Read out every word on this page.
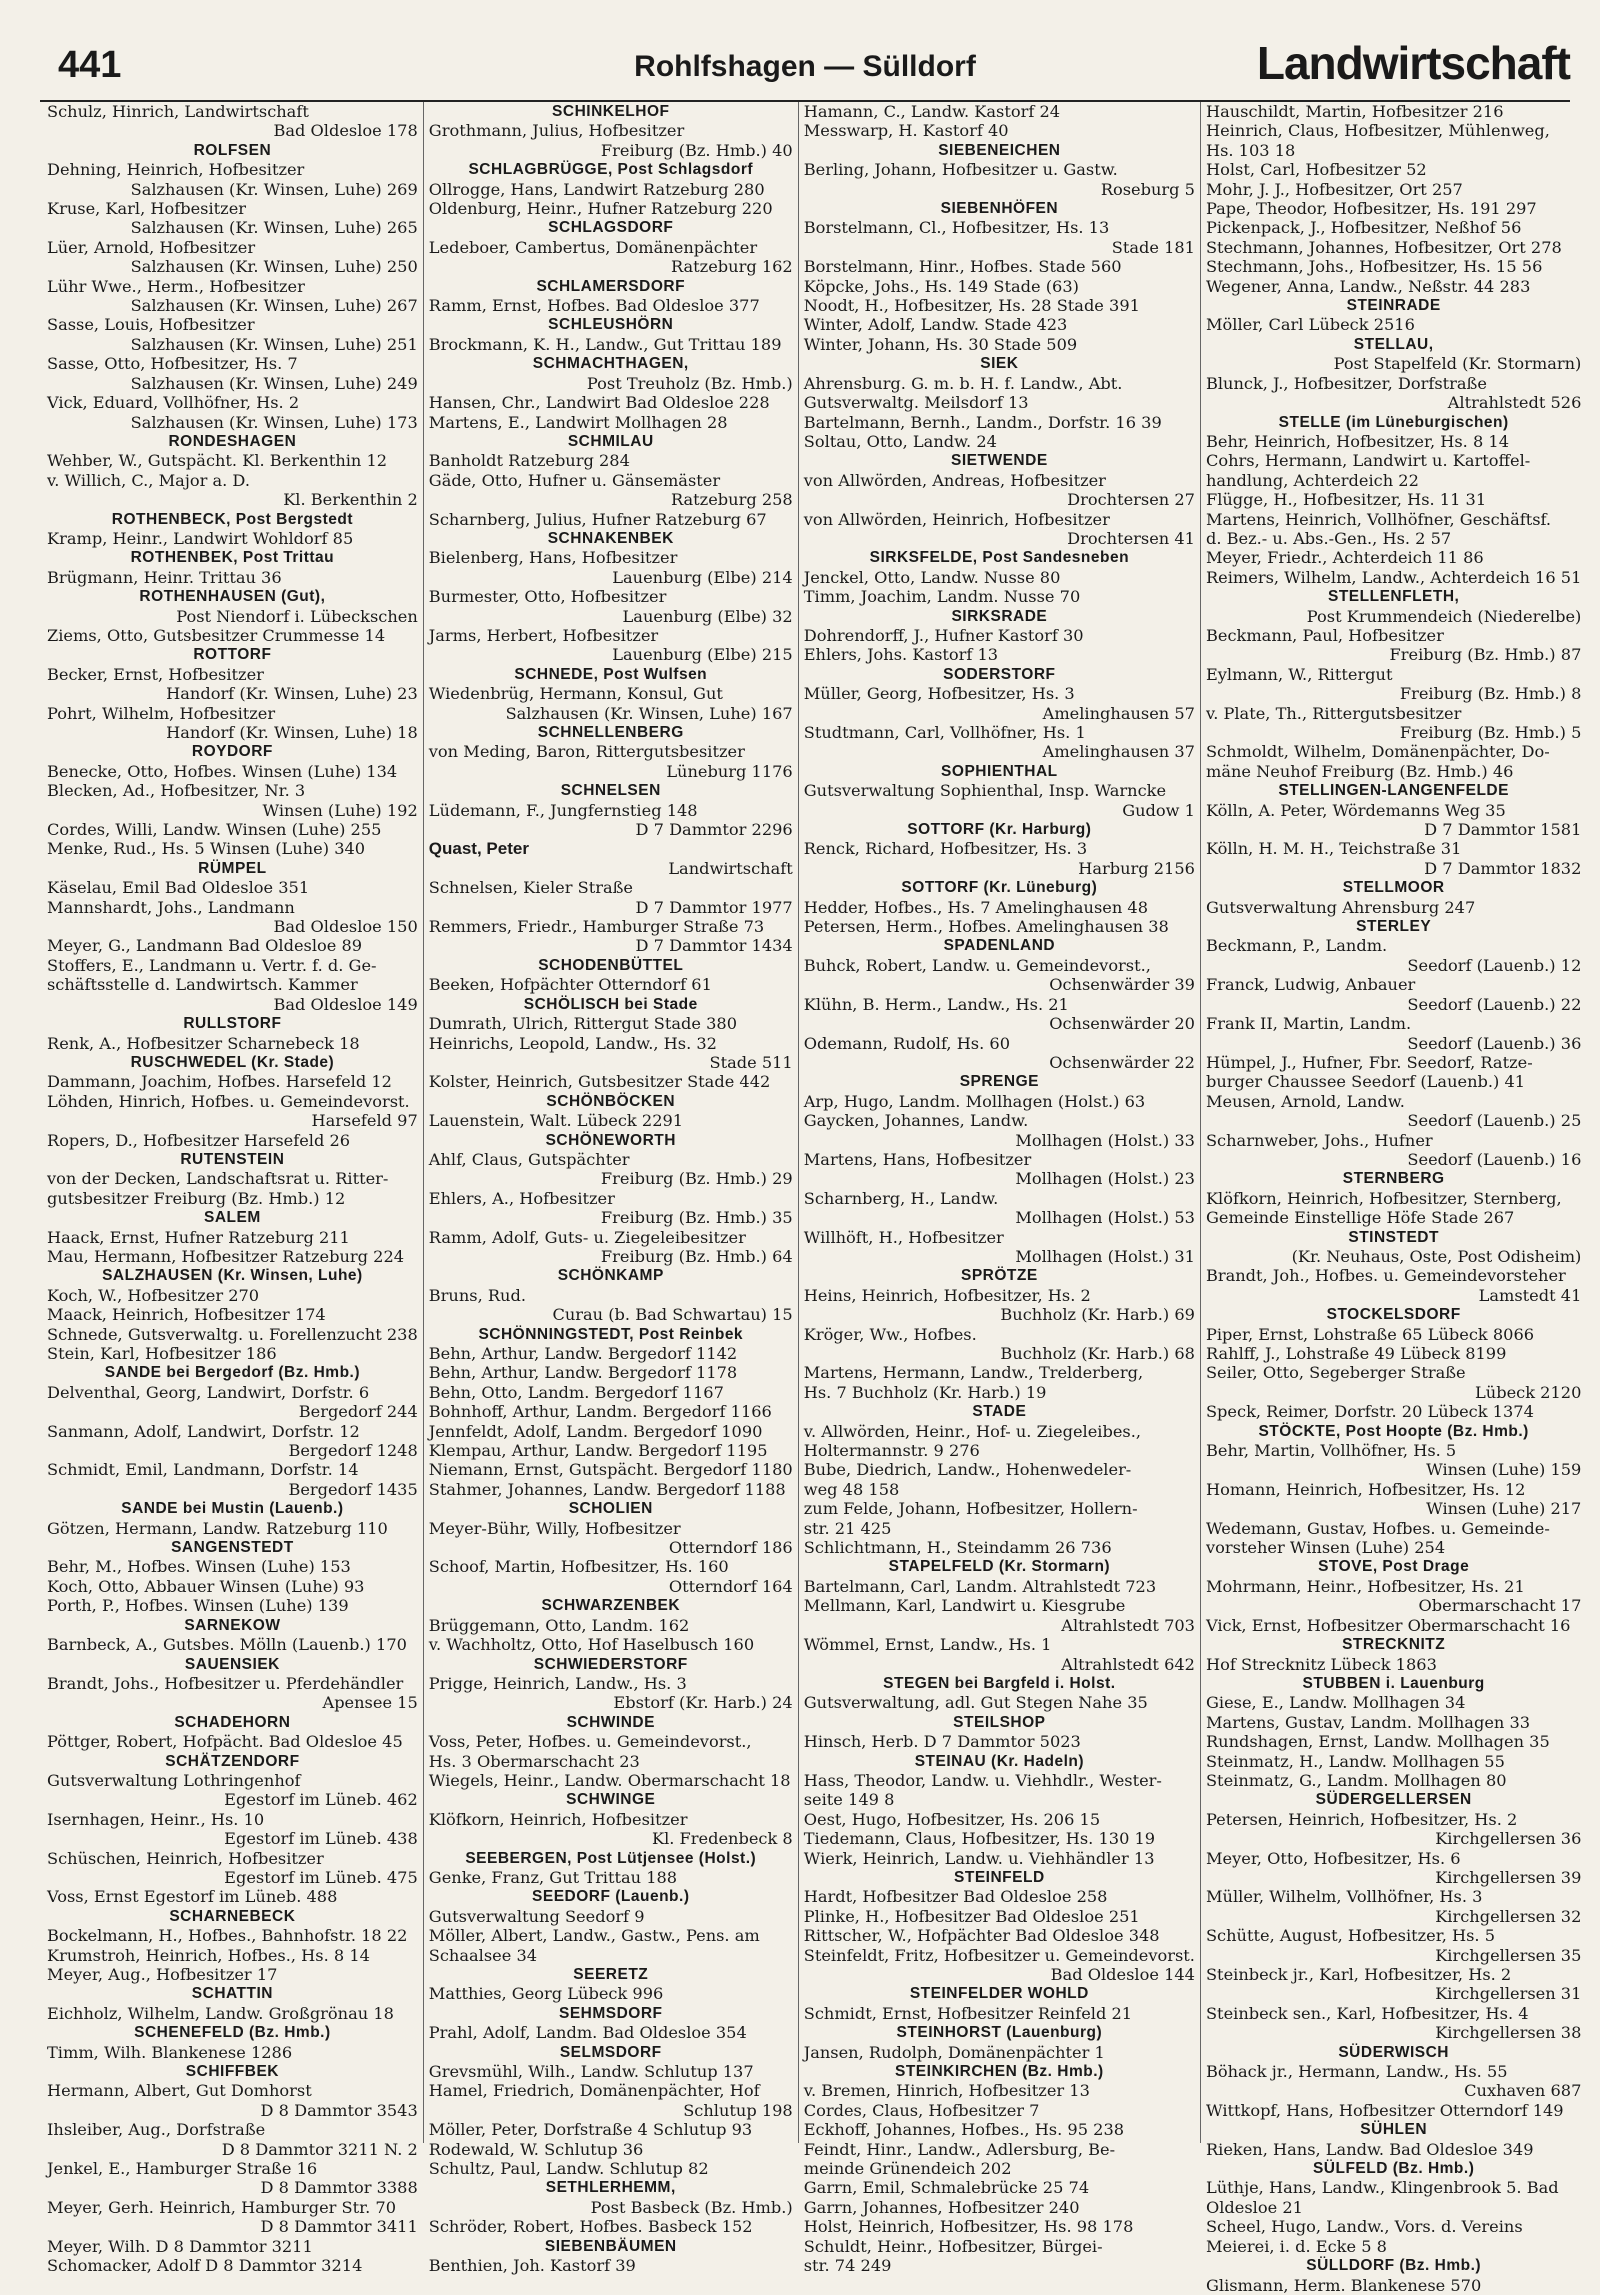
441	Rohlfshagen — Sülldorf	Landwirtschaft
Schulz, Hinrich, Landwirtschaft
Bad Oldesloe 178
ROLFSEN
Dehning, Heinrich, Hofbesitzer
Salzhausen (Kr. Winsen, Luhe) 269
Kruse, Karl, Hofbesitzer
Salzhausen (Kr. Winsen, Luhe) 265
Lüer, Arnold, Hofbesitzer
Salzhausen (Kr. Winsen, Luhe) 250
Lühr Wwe., Herm., Hofbesitzer
Salzhausen (Kr. Winsen, Luhe) 267
Sasse, Louis, Hofbesitzer
Salzhausen (Kr. Winsen, Luhe) 251
Sasse, Otto, Hofbesitzer, Hs. 7
Salzhausen (Kr. Winsen, Luhe) 249
Vick, Eduard, Vollhöfner, Hs. 2
Salzhausen (Kr. Winsen, Luhe) 173
RONDESHAGEN
Wehber, W., Gutspächt. Kl. Berkenthin 12
v. Willich, C., Major a. D.
Kl. Berkenthin 2
ROTHENBECK, Post Bergstedt
Kramp, Heinr., Landwirt Wohldorf 85
ROTHENBEK, Post Trittau
Brügmann, Heinr. Trittau 36
ROTHENHAUSEN (Gut),
Post Niendorf i. Lübeckschen
Ziems, Otto, Gutsbesitzer Crummesse 14
ROTTORF
Becker, Ernst, Hofbesitzer
Handorf (Kr. Winsen, Luhe) 23
Pohrt, Wilhelm, Hofbesitzer
Handorf (Kr. Winsen, Luhe) 18
ROYDORF
Benecke, Otto, Hofbes. Winsen (Luhe) 134
Blecken, Ad., Hofbesitzer, Nr. 3
Winsen (Luhe) 192
Cordes, Willi, Landw. Winsen (Luhe) 255
Menke, Rud., Hs. 5 Winsen (Luhe) 340
RÜMPEL
Käselau, Emil Bad Oldesloe 351
Mannshardt, Johs., Landmann
Bad Oldesloe 150
Meyer, G., Landmann Bad Oldesloe 89
Stoffers, E., Landmann u. Vertr. f. d. Ge-
schäftsstelle d. Landwirtsch. Kammer
Bad Oldesloe 149
RULLSTORF
Renk, A., Hofbesitzer Scharnebeck 18
RUSCHWEDEL (Kr. Stade)
Dammann, Joachim, Hofbes. Harsefeld 12
Löhden, Hinrich, Hofbes. u. Gemeindevorst.
Harsefeld 97
Ropers, D., Hofbesitzer Harsefeld 26
RUTENSTEIN
von der Decken, Landschaftsrat u. Ritter-
gutsbesitzer Freiburg (Bz. Hmb.) 12
SALEM
Haack, Ernst, Hufner Ratzeburg 211
Mau, Hermann, Hofbesitzer Ratzeburg 224
SALZHAUSEN (Kr. Winsen, Luhe)
Koch, W., Hofbesitzer 270
Maack, Heinrich, Hofbesitzer 174
Schnede, Gutsverwaltg. u. Forellenzucht 238
Stein, Karl, Hofbesitzer 186
SANDE bei Bergedorf (Bz. Hmb.)
Delventhal, Georg, Landwirt, Dorfstr. 6
Bergedorf 244
Sanmann, Adolf, Landwirt, Dorfstr. 12
Bergedorf 1248
Schmidt, Emil, Landmann, Dorfstr. 14
Bergedorf 1435
SANDE bei Mustin (Lauenb.)
Götzen, Hermann, Landw. Ratzeburg 110
SANGENSTEDT
Behr, M., Hofbes. Winsen (Luhe) 153
Koch, Otto, Abbauer Winsen (Luhe) 93
Porth, P., Hofbes. Winsen (Luhe) 139
SARNEKOW
Barnbeck, A., Gutsbes. Mölln (Lauenb.) 170
SAUENSIEK
Brandt, Johs., Hofbesitzer u. Pferdehändler
Apensee 15
SCHADEHORN
Pöttger, Robert, Hofpächt. Bad Oldesloe 45
SCHÄTZENDORF
Gutsverwaltung Lothringenhof
Egestorf im Lüneb. 462
Isernhagen, Heinr., Hs. 10
Egestorf im Lüneb. 438
Schüschen, Heinrich, Hofbesitzer
Egestorf im Lüneb. 475
Voss, Ernst Egestorf im Lüneb. 488
SCHARNEBECK
Bockelmann, H., Hofbes., Bahnhofstr. 18 22
Krumstroh, Heinrich, Hofbes., Hs. 8 14
Meyer, Aug., Hofbesitzer 17
SCHATTIN
Eichholz, Wilhelm, Landw. Großgrönau 18
SCHENEFELD (Bz. Hmb.)
Timm, Wilh. Blankenese 1286
SCHIFFBEK
Hermann, Albert, Gut Domhorst
D 8 Dammtor 3543
Ihsleiber, Aug., Dorfstraße
D 8 Dammtor 3211 N. 2
Jenkel, E., Hamburger Straße 16
D 8 Dammtor 3388
Meyer, Gerh. Heinrich, Hamburger Str. 70
D 8 Dammtor 3411
Meyer, Wilh. D 8 Dammtor 3211
Schomacker, Adolf D 8 Dammtor 3214
SCHINKELHOF
Grothmann, Julius, Hofbesitzer
Freiburg (Bz. Hmb.) 40
SCHLAGBRÜGGE, Post Schlagsdorf
Ollrogge, Hans, Landwirt Ratzeburg 280
Oldenburg, Heinr., Hufner Ratzeburg 220
SCHLAGSDORF
Ledeboer, Cambertus, Domänenpächter
Ratzeburg 162
SCHLAMERSDORF
Ramm, Ernst, Hofbes. Bad Oldesloe 377
SCHLEUSHÖRN
Brockmann, K. H., Landw., Gut Trittau 189
SCHMACHTHAGEN,
Post Treuholz (Bz. Hmb.)
Hansen, Chr., Landwirt Bad Oldesloe 228
Martens, E., Landwirt Mollhagen 28
SCHMILAU
Banholdt Ratzeburg 284
Gäde, Otto, Hufner u. Gänsemäster
Ratzeburg 258
Scharnberg, Julius, Hufner Ratzeburg 67
SCHNAKENBEK
Bielenberg, Hans, Hofbesitzer
Lauenburg (Elbe) 214
Burmester, Otto, Hofbesitzer
Lauenburg (Elbe) 32
Jarms, Herbert, Hofbesitzer
Lauenburg (Elbe) 215
SCHNEDE, Post Wulfsen
Wiedenbrüg, Hermann, Konsul, Gut
Salzhausen (Kr. Winsen, Luhe) 167
SCHNELLENBERG
von Meding, Baron, Rittergutsbesitzer
Lüneburg 1176
SCHNELSEN
Lüdemann, F., Jungfernstieg 148
D 7 Dammtor 2296
Quast, Peter
Landwirtschaft
Schnelsen, Kieler Straße
D 7 Dammtor 1977
Remmers, Friedr., Hamburger Straße 73
D 7 Dammtor 1434
SCHODENBÜTTEL
Beeken, Hofpächter Otterndorf 61
SCHÖLISCH bei Stade
Dumrath, Ulrich, Rittergut Stade 380
Heinrichs, Leopold, Landw., Hs. 32
Stade 511
Kolster, Heinrich, Gutsbesitzer Stade 442
SCHÖNBÖCKEN
Lauenstein, Walt. Lübeck 2291
SCHÖNEWORTH
Ahlf, Claus, Gutspächter
Freiburg (Bz. Hmb.) 29
Ehlers, A., Hofbesitzer
Freiburg (Bz. Hmb.) 35
Ramm, Adolf, Guts- u. Ziegeleibesitzer
Freiburg (Bz. Hmb.) 64
SCHÖNKAMP
Bruns, Rud.
Curau (b. Bad Schwartau) 15
SCHÖNNINGSTEDT, Post Reinbek
Behn, Arthur, Landw. Bergedorf 1142
Behn, Arthur, Landw. Bergedorf 1178
Behn, Otto, Landm. Bergedorf 1167
Bohnhoff, Arthur, Landm. Bergedorf 1166
Jennfeldt, Adolf, Landm. Bergedorf 1090
Klempau, Arthur, Landw. Bergedorf 1195
Niemann, Ernst, Gutspächt. Bergedorf 1180
Stahmer, Johannes, Landw. Bergedorf 1188
SCHOLIEN
Meyer-Bühr, Willy, Hofbesitzer
Otterndorf 186
Schoof, Martin, Hofbesitzer, Hs. 160
Otterndorf 164
SCHWARZENBEK
Brüggemann, Otto, Landm. 162
v. Wachholtz, Otto, Hof Haselbusch 160
SCHWIEDERSTORF
Prigge, Heinrich, Landw., Hs. 3
Ebstorf (Kr. Harb.) 24
SCHWINDE
Voss, Peter, Hofbes. u. Gemeindevorst.,
Hs. 3 Obermarschacht 23
Wiegels, Heinr., Landw. Obermarschacht 18
SCHWINGE
Klöfkorn, Heinrich, Hofbesitzer
Kl. Fredenbeck 8
SEEBERGEN, Post Lütjensee (Holst.)
Genke, Franz, Gut Trittau 188
SEEDORF (Lauenb.)
Gutsverwaltung Seedorf 9
Möller, Albert, Landw., Gastw., Pens. am
Schaalsee 34
SEERETZ
Matthies, Georg Lübeck 996
SEHMSDORF
Prahl, Adolf, Landm. Bad Oldesloe 354
SELMSDORF
Grevsmühl, Wilh., Landw. Schlutup 137
Hamel, Friedrich, Domänenpächter, Hof
Schlutup 198
Möller, Peter, Dorfstraße 4 Schlutup 93
Rodewald, W. Schlutup 36
Schultz, Paul, Landw. Schlutup 82
SETHLERHEMM,
Post Basbeck (Bz. Hmb.)
Schröder, Robert, Hofbes. Basbeck 152
SIEBENBÄUMEN
Benthien, Joh. Kastorf 39
Hamann, C., Landw. Kastorf 24
Messwarp, H. Kastorf 40
SIEBENEICHEN
Berling, Johann, Hofbesitzer u. Gastw.
Roseburg 5
SIEBENHÖFEN
Borstelmann, Cl., Hofbesitzer, Hs. 13
Stade 181
Borstelmann, Hinr., Hofbes. Stade 560
Köpcke, Johs., Hs. 149 Stade (63)
Noodt, H., Hofbesitzer, Hs. 28 Stade 391
Winter, Adolf, Landw. Stade 423
Winter, Johann, Hs. 30 Stade 509
SIEK
Ahrensburg. G. m. b. H. f. Landw., Abt.
Gutsverwaltg. Meilsdorf 13
Bartelmann, Bernh., Landm., Dorfstr. 16 39
Soltau, Otto, Landw. 24
SIETWENDE
von Allwörden, Andreas, Hofbesitzer
Drochtersen 27
von Allwörden, Heinrich, Hofbesitzer
Drochtersen 41
SIRKSFELDE, Post Sandesneben
Jenckel, Otto, Landw. Nusse 80
Timm, Joachim, Landm. Nusse 70
SIRKSRADE
Dohrendorff, J., Hufner Kastorf 30
Ehlers, Johs. Kastorf 13
SODERSTORF
Müller, Georg, Hofbesitzer, Hs. 3
Amelinghausen 57
Studtmann, Carl, Vollhöfner, Hs. 1
Amelinghausen 37
SOPHIENTHAL
Gutsverwaltung Sophienthal, Insp. Warncke
Gudow 1
SOTTORF (Kr. Harburg)
Renck, Richard, Hofbesitzer, Hs. 3
Harburg 2156
SOTTORF (Kr. Lüneburg)
Hedder, Hofbes., Hs. 7 Amelinghausen 48
Petersen, Herm., Hofbes. Amelinghausen 38
SPADENLAND
Buhck, Robert, Landw. u. Gemeindevorst.,
Ochsenwärder 39
Klühn, B. Herm., Landw., Hs. 21
Ochsenwärder 20
Odemann, Rudolf, Hs. 60
Ochsenwärder 22
SPRENGE
Arp, Hugo, Landm. Mollhagen (Holst.) 63
Gaycken, Johannes, Landw.
Mollhagen (Holst.) 33
Martens, Hans, Hofbesitzer
Mollhagen (Holst.) 23
Scharnberg, H., Landw.
Mollhagen (Holst.) 53
Willhöft, H., Hofbesitzer
Mollhagen (Holst.) 31
SPRÖTZE
Heins, Heinrich, Hofbesitzer, Hs. 2
Buchholz (Kr. Harb.) 69
Kröger, Ww., Hofbes.
Buchholz (Kr. Harb.) 68
Martens, Hermann, Landw., Trelderberg,
Hs. 7 Buchholz (Kr. Harb.) 19
STADE
v. Allwörden, Heinr., Hof- u. Ziegeleibes.,
Holtermannstr. 9 276
Bube, Diedrich, Landw., Hohenwedeler-
weg 48 158
zum Felde, Johann, Hofbesitzer, Hollern-
str. 21 425
Schlichtmann, H., Steindamm 26 736
STAPELFELD (Kr. Stormarn)
Bartelmann, Carl, Landm. Altrahlstedt 723
Mellmann, Karl, Landwirt u. Kiesgrube
Altrahlstedt 703
Wömmel, Ernst, Landw., Hs. 1
Altrahlstedt 642
STEGEN bei Bargfeld i. Holst.
Gutsverwaltung, adl. Gut Stegen Nahe 35
STEILSHOP
Hinsch, Herb. D 7 Dammtor 5023
STEINAU (Kr. Hadeln)
Hass, Theodor, Landw. u. Viehhdlr., Wester-
seite 149 8
Oest, Hugo, Hofbesitzer, Hs. 206 15
Tiedemann, Claus, Hofbesitzer, Hs. 130 19
Wierk, Heinrich, Landw. u. Viehhändler 13
STEINFELD
Hardt, Hofbesitzer Bad Oldesloe 258
Plinke, H., Hofbesitzer Bad Oldesloe 251
Rittscher, W., Hofpächter Bad Oldesloe 348
Steinfeldt, Fritz, Hofbesitzer u. Gemeindevorst.
Bad Oldesloe 144
STEINFELDER WOHLD
Schmidt, Ernst, Hofbesitzer Reinfeld 21
STEINHORST (Lauenburg)
Jansen, Rudolph, Domänenpächter 1
STEINKIRCHEN (Bz. Hmb.)
v. Bremen, Hinrich, Hofbesitzer 13
Cordes, Claus, Hofbesitzer 7
Eckhoff, Johannes, Hofbes., Hs. 95 238
Feindt, Hinr., Landw., Adlersburg, Be-
meinde Grünendeich 202
Garrn, Emil, Schmalebrücke 25 74
Garrn, Johannes, Hofbesitzer 240
Holst, Heinrich, Hofbesitzer, Hs. 98 178
Schuldt, Heinr., Hofbesitzer, Bürgei-
str. 74 249
Hauschildt, Martin, Hofbesitzer 216
Heinrich, Claus, Hofbesitzer, Mühlenweg,
Hs. 103 18
Holst, Carl, Hofbesitzer 52
Mohr, J. J., Hofbesitzer, Ort 257
Pape, Theodor, Hofbesitzer, Hs. 191 297
Pickenpack, J., Hofbesitzer, Neßhof 56
Stechmann, Johannes, Hofbesitzer, Ort 278
Stechmann, Johs., Hofbesitzer, Hs. 15 56
Wegener, Anna, Landw., Neßstr. 44 283
STEINRADE
Möller, Carl Lübeck 2516
STELLAU,
Post Stapelfeld (Kr. Stormarn)
Blunck, J., Hofbesitzer, Dorfstraße
Altrahlstedt 526
STELLE (im Lüneburgischen)
Behr, Heinrich, Hofbesitzer, Hs. 8 14
Cohrs, Hermann, Landwirt u. Kartoffel-
handlung, Achterdeich 22
Flügge, H., Hofbesitzer, Hs. 11 31
Martens, Heinrich, Vollhöfner, Geschäftsf.
d. Bez.- u. Abs.-Gen., Hs. 2 57
Meyer, Friedr., Achterdeich 11 86
Reimers, Wilhelm, Landw., Achterdeich 16 51
STELLENFLETH,
Post Krummendeich (Niederelbe)
Beckmann, Paul, Hofbesitzer
Freiburg (Bz. Hmb.) 87
Eylmann, W., Rittergut
Freiburg (Bz. Hmb.) 8
v. Plate, Th., Rittergutsbesitzer
Freiburg (Bz. Hmb.) 5
Schmoldt, Wilhelm, Domänenpächter, Do-
mäne Neuhof Freiburg (Bz. Hmb.) 46
STELLINGEN-LANGENFELDE
Kölln, A. Peter, Wördemanns Weg 35
D 7 Dammtor 1581
Kölln, H. M. H., Teichstraße 31
D 7 Dammtor 1832
STELLMOOR
Gutsverwaltung Ahrensburg 247
STERLEY
Beckmann, P., Landm.
Seedorf (Lauenb.) 12
Franck, Ludwig, Anbauer
Seedorf (Lauenb.) 22
Frank II, Martin, Landm.
Seedorf (Lauenb.) 36
Hümpel, J., Hufner, Fbr. Seedorf, Ratze-
burger Chaussee Seedorf (Lauenb.) 41
Meusen, Arnold, Landw.
Seedorf (Lauenb.) 25
Scharnweber, Johs., Hufner
Seedorf (Lauenb.) 16
STERNBERG
Klöfkorn, Heinrich, Hofbesitzer, Sternberg,
Gemeinde Einstellige Höfe Stade 267
STINSTEDT
(Kr. Neuhaus, Oste, Post Odisheim)
Brandt, Joh., Hofbes. u. Gemeindevorsteher
Lamstedt 41
STOCKELSDORF
Piper, Ernst, Lohstraße 65 Lübeck 8066
Rahlff, J., Lohstraße 49 Lübeck 8199
Seiler, Otto, Segeberger Straße
Lübeck 2120
Speck, Reimer, Dorfstr. 20 Lübeck 1374
STÖCKTE, Post Hoopte (Bz. Hmb.)
Behr, Martin, Vollhöfner, Hs. 5
Winsen (Luhe) 159
Homann, Heinrich, Hofbesitzer, Hs. 12
Winsen (Luhe) 217
Wedemann, Gustav, Hofbes. u. Gemeinde-
vorsteher Winsen (Luhe) 254
STOVE, Post Drage
Mohrmann, Heinr., Hofbesitzer, Hs. 21
Obermarschacht 17
Vick, Ernst, Hofbesitzer Obermarschacht 16
STRECKNITZ
Hof Strecknitz Lübeck 1863
STUBBEN i. Lauenburg
Giese, E., Landw. Mollhagen 34
Martens, Gustav, Landm. Mollhagen 33
Rundshagen, Ernst, Landw. Mollhagen 35
Steinmatz, H., Landw. Mollhagen 55
Steinmatz, G., Landm. Mollhagen 80
SÜDERGELLERSEN
Petersen, Heinrich, Hofbesitzer, Hs. 2
Kirchgellersen 36
Meyer, Otto, Hofbesitzer, Hs. 6
Kirchgellersen 39
Müller, Wilhelm, Vollhöfner, Hs. 3
Kirchgellersen 32
Schütte, August, Hofbesitzer, Hs. 5
Kirchgellersen 35
Steinbeck jr., Karl, Hofbesitzer, Hs. 2
Kirchgellersen 31
Steinbeck sen., Karl, Hofbesitzer, Hs. 4
Kirchgellersen 38
SÜDERWISCH
Böhack jr., Hermann, Landw., Hs. 55
Cuxhaven 687
Wittkopf, Hans, Hofbesitzer Otterndorf 149
SÜHLEN
Rieken, Hans, Landw. Bad Oldesloe 349
SÜLFELD (Bz. Hmb.)
Lüthje, Hans, Landw., Klingenbrook 5. Bad
Oldesloe 21
Scheel, Hugo, Landw., Vors. d. Vereins
Meierei, i. d. Ecke 5 8
SÜLLDORF (Bz. Hmb.)
Glismann, Herm. Blankenese 570
